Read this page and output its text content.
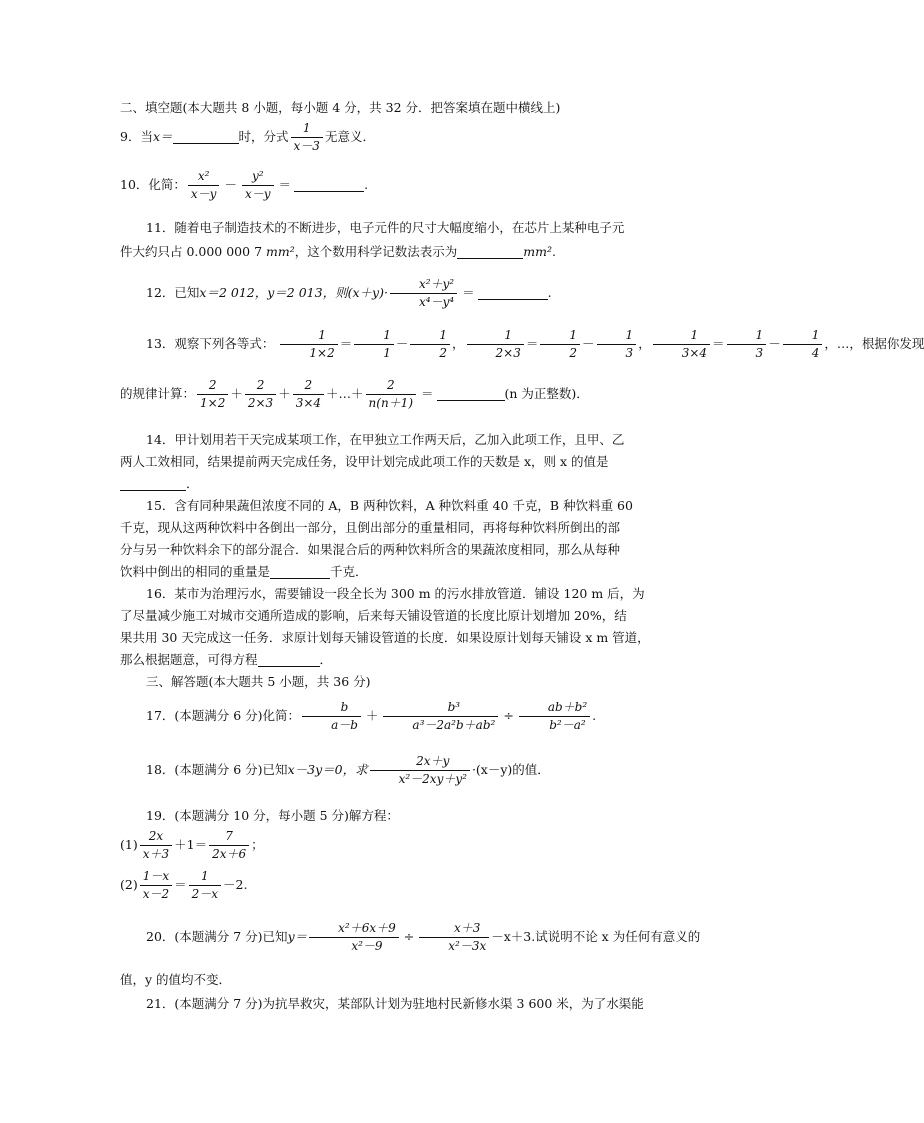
二、填空题(本大题共 8 小题，每小题 4 分，共 32 分．把答案填在题中横线上)
9．当x＝	时，分式 $\frac{1}{x-3}$ 无意义．
10．化简： $\frac{\text{x²}}{x-y} - \frac{\text{y²}}{x-y}$ ＝	.
11．随着电子制造技术的不断进步，电子元件的尺寸大幅度缩小，在芯片上某种电子元
件大约只占 0.000 000 7 mm²，这个数用科学记数法表示为	mm².
12．已知x＝2 012，y＝2 013，则$(x+y)\cdot \frac{\text{x²＋y²}}{\text{x⁴－y⁴}}$ ＝	.
13．观察下列各等式： $\frac{1}{1\times 2} = \frac{1}{1} - \frac{1}{2}$ ， $\frac{1}{2\times 3} = \frac{1}{2} - \frac{1}{3}$ ， $\frac{1}{3\times 4} = \frac{1}{3} - \frac{1}{4}$ ，…，根据你发现
的规律计算： $\frac{2}{1\times 2} + \frac{2}{2\times 3} + \frac{2}{3\times 4}$ ＋…＋ $\frac{2}{n(n+1)}$ ＝	(n 为正整数)．
14．甲计划用若干天完成某项工作，在甲独立工作两天后，乙加入此项工作，且甲、乙
两人工效相同，结果提前两天完成任务，设甲计划完成此项工作的天数是 x，则 x 的值是
．
15．含有同种果蔬但浓度不同的 A，B 两种饮料，A 种饮料重 40 千克，B 种饮料重 60
千克，现从这两种饮料中各倒出一部分，且倒出部分的重量相同，再将每种饮料所倒出的部
分与另一种饮料余下的部分混合．如果混合后的两种饮料所含的果蔬浓度相同，那么从每种
饮料中倒出的相同的重量是	千克．
16．某市为治理污水，需要铺设一段全长为 300 m 的污水排放管道．铺设 120 m 后，为
了尽量减少施工对城市交通所造成的影响，后来每天铺设管道的长度比原计划增加 20%，结
果共用 30 天完成这一任务．求原计划每天铺设管道的长度．如果设原计划每天铺设 x m 管道，
那么根据题意，可得方程	．
三、解答题(本大题共 5 小题，共 36 分)
17．(本题满分 6 分)化简： $\frac{b}{a-b} + \frac{\text{b³}}{\text{a³－2a²b＋ab²}} \div \frac{\text{ab＋b²}}{\text{b²－a²}}$ .
18．(本题满分 6 分)已知x－3y＝0，求 $\frac{2x+y}{\text{x²－2xy＋y²}} \cdot(x-y)$的值．
19．(本题满分 10 分，每小题 5 分)解方程：
$(1) \frac{2x}{x+3} +1= \frac{7}{2x+6}$ ；
$(2) \frac{1-x}{x-2} = \frac{1}{2-x} -2$.
20．(本题满分 7 分)已知$y= \frac{\text{x²＋6x＋9}}{\text{x²－9}} \div \frac{x+3}{\text{x²－3x}} -x+3$.试说明不论 x 为任何有意义的
值，y 的值均不变．
21．(本题满分 7 分)为抗旱救灾，某部队计划为驻地村民新修水渠 3 600 米，为了水渠能
